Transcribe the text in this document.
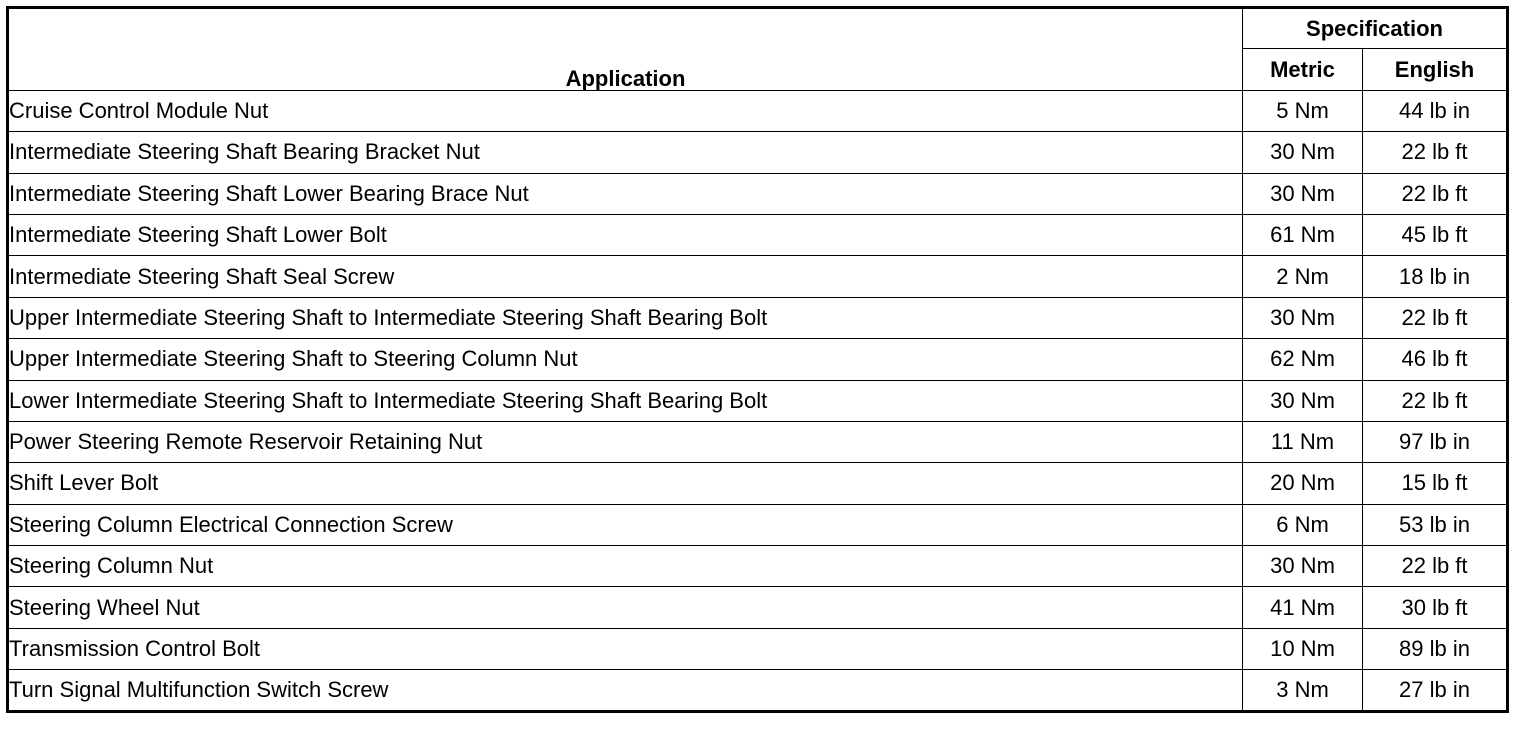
Application	Specification	
	Metric	English
Cruise Control Module Nut	5 Nm	44 lb in
Intermediate Steering Shaft Bearing Bracket Nut	30 Nm	22 lb ft
Intermediate Steering Shaft Lower Bearing Brace Nut	30 Nm	22 lb ft
Intermediate Steering Shaft Lower Bolt	61 Nm	45 lb ft
Intermediate Steering Shaft Seal Screw	2 Nm	18 lb in
Upper Intermediate Steering Shaft to Intermediate Steering Shaft Bearing Bolt	30 Nm	22 lb ft
Upper Intermediate Steering Shaft to Steering Column Nut	62 Nm	46 lb ft
Lower Intermediate Steering Shaft to Intermediate Steering Shaft Bearing Bolt	30 Nm	22 lb ft
Power Steering Remote Reservoir Retaining Nut	11 Nm	97 lb in
Shift Lever Bolt	20 Nm	15 lb ft
Steering Column Electrical Connection Screw	6 Nm	53 lb in
Steering Column Nut	30 Nm	22 lb ft
Steering Wheel Nut	41 Nm	30 lb ft
Transmission Control Bolt	10 Nm	89 lb in
Turn Signal Multifunction Switch Screw	3 Nm	27 lb in
